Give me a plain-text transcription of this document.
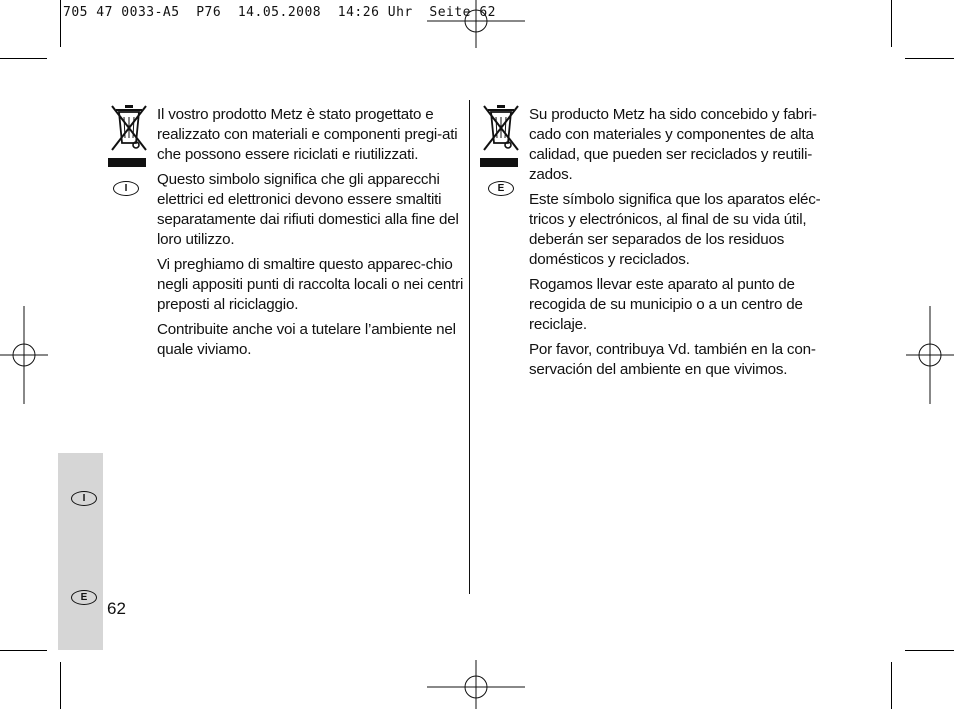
705 47 0033-A5  P76  14.05.2008  14:26 Uhr  Seite 62
I

Il vostro prodotto Metz è stato progettato e realizzato con materiali e componenti pregi-ati che possono essere riciclati e riutilizzati.

Questo simbolo significa che gli apparecchi elettrici ed elettronici devono essere smaltiti separatamente dai rifiuti domestici alla fine del loro utilizzo.

Vi preghiamo di smaltire questo apparec-chio negli appositi punti di raccolta locali o nei centri preposti al riciclaggio.

Contribuite anche voi a tutelare l’ambiente nel quale viviamo.

E

Su producto Metz ha sido concebido y fabri-cado con materiales y componentes de alta calidad, que pueden ser reciclados y reutili-zados.

Este símbolo significa que los aparatos eléc-tricos y electrónicos, al final de su vida útil, deberán ser separados de los residuos domésticos y reciclados.

Rogamos llevar este aparato al punto de recogida de su municipio o a un centro de reciclaje.

Por favor, contribuya Vd. también en la con-servación del ambiente en que vivimos.

I
E
62
